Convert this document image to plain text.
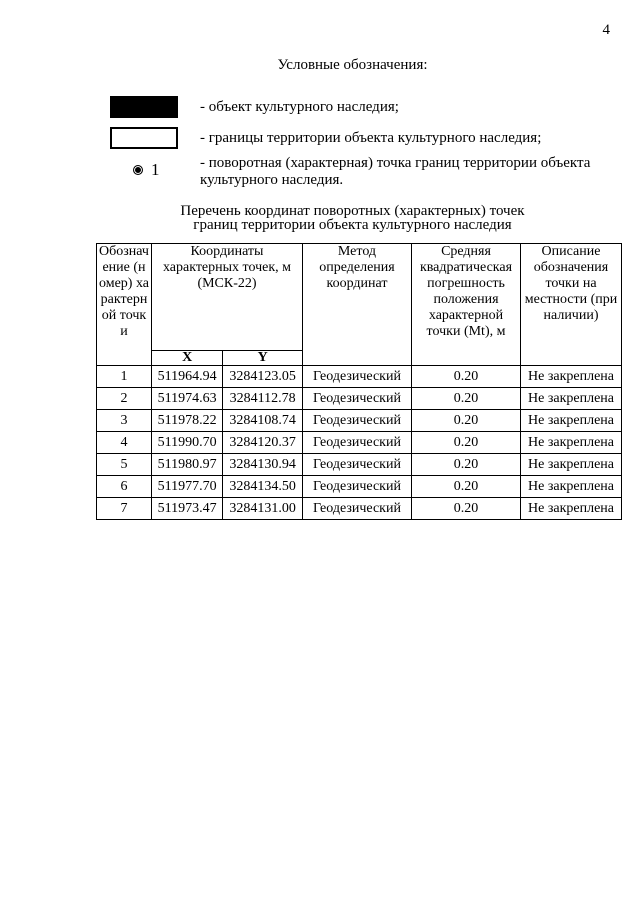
4
Условные обозначения:
- объект культурного наследия;
- границы территории объекта культурного наследия;
1	- поворотная (характерная) точка границ территории объекта культурного наследия.
Перечень координат поворотных (характерных) точек
границ территории объекта культурного наследия
Обозначение (номер) характерной точки	Координаты характерных точек, м (МСК-22)		Метод определения координат	Средняя квадратическая погрешность положения характерной точки (Mt), м	Описание обозначения точки на местности (при наличии)
	X	Y			
1	511964.94	3284123.05	Геодезический	0.20	Не закреплена
2	511974.63	3284112.78	Геодезический	0.20	Не закреплена
3	511978.22	3284108.74	Геодезический	0.20	Не закреплена
4	511990.70	3284120.37	Геодезический	0.20	Не закреплена
5	511980.97	3284130.94	Геодезический	0.20	Не закреплена
6	511977.70	3284134.50	Геодезический	0.20	Не закреплена
7	511973.47	3284131.00	Геодезический	0.20	Не закреплена
